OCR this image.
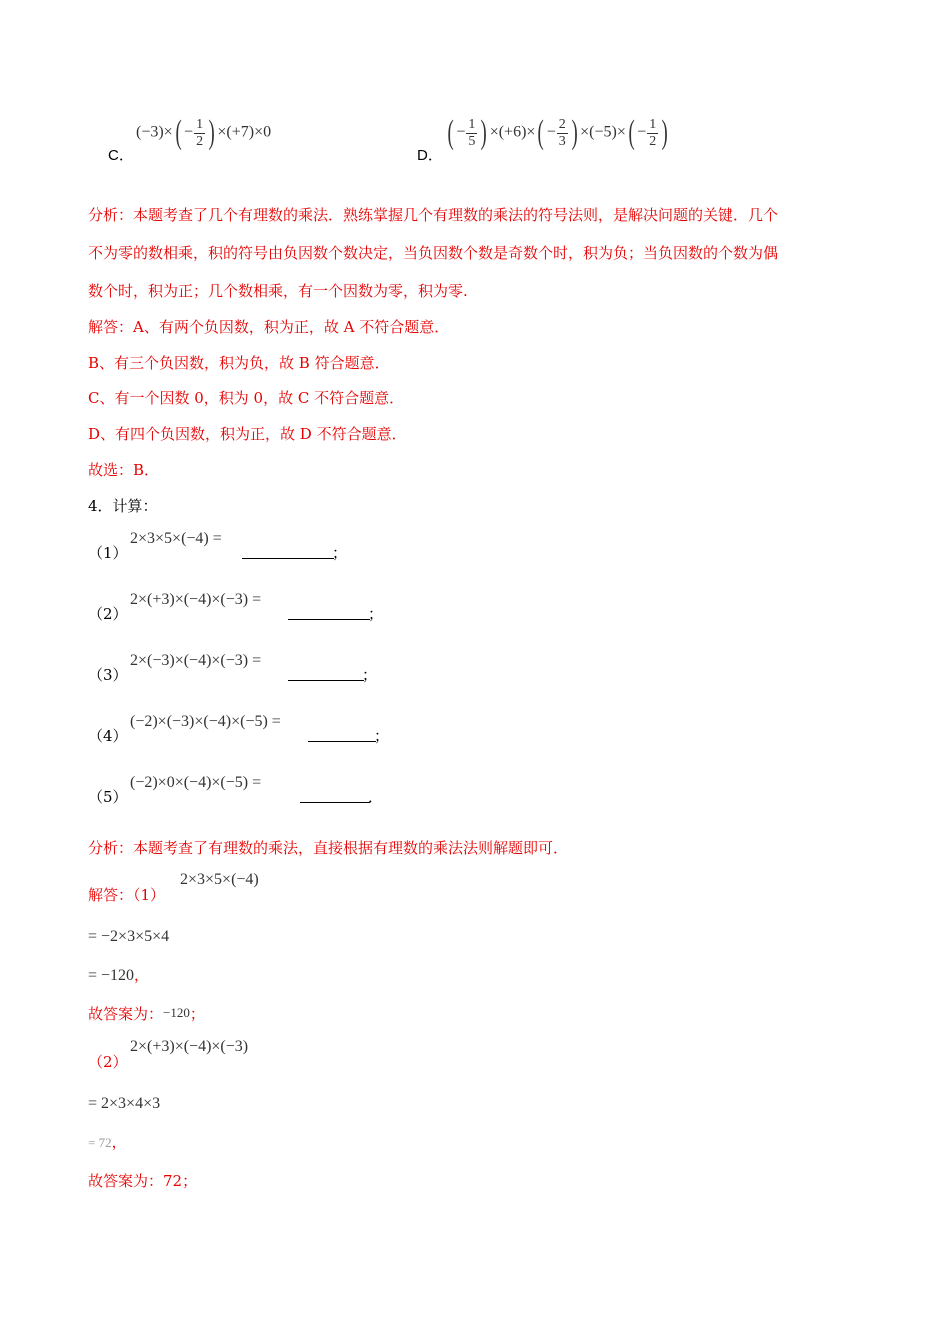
C．
$(-3)\times( - \frac{1}{2}$ ) ×(+7)×0
D．
( − $\frac{1}{5}$ ) $\times(+6)\times( - \frac{2}{3}$ ) $\times(-5)\times( - \frac{1}{2}$ )
分析：本题考查了几个有理数的乘法．熟练掌握几个有理数的乘法的符号法则，是解决问题的关键．几个
不为零的数相乘，积的符号由负因数个数决定，当负因数个数是奇数个时，积为负；当负因数的个数为偶
数个时，积为正；几个数相乘，有一个因数为零，积为零.
解答：A、有两个负因数，积为正，故 A 不符合题意．
B、有三个负因数，积为负，故 B 符合题意．
C、有一个因数 0，积为 0，故 C 不符合题意．
D、有四个负因数，积为正，故 D 不符合题意．
故选：B．
4．计算：
（1）
2×3×5×(−4) =
；
（2）
2×(+3)×(−4)×(−3) =
；
（3）
2×(−3)×(−4)×(−3) =
；
（4）
(−2)×(−3)×(−4)×(−5) =
；
（5）
(−2)×0×(−4)×(−5) =
．
分析：本题考查了有理数的乘法，直接根据有理数的乘法法则解题即可．
解答：（1）
2×3×5×(−4)
= −2×3×5×4
= −120，
故答案为：−120；
（2）
2×(+3)×(−4)×(−3)
= 2×3×4×3
= 72，
故答案为：72；
